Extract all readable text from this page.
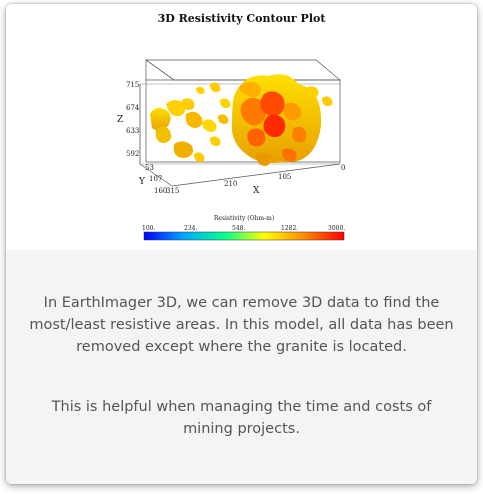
3D Resistivity Contour Plot
715
674
633
592
Z
53
107
160
Y
315
210
105
0
X
Resistivity (Ohm-m)
100.	234.	548.	1282.	3000.
In EarthImager 3D, we can remove 3D data to find the most/least resistive areas. In this model, all data has been removed except where the granite is located.
This is helpful when managing the time and costs of mining projects.
